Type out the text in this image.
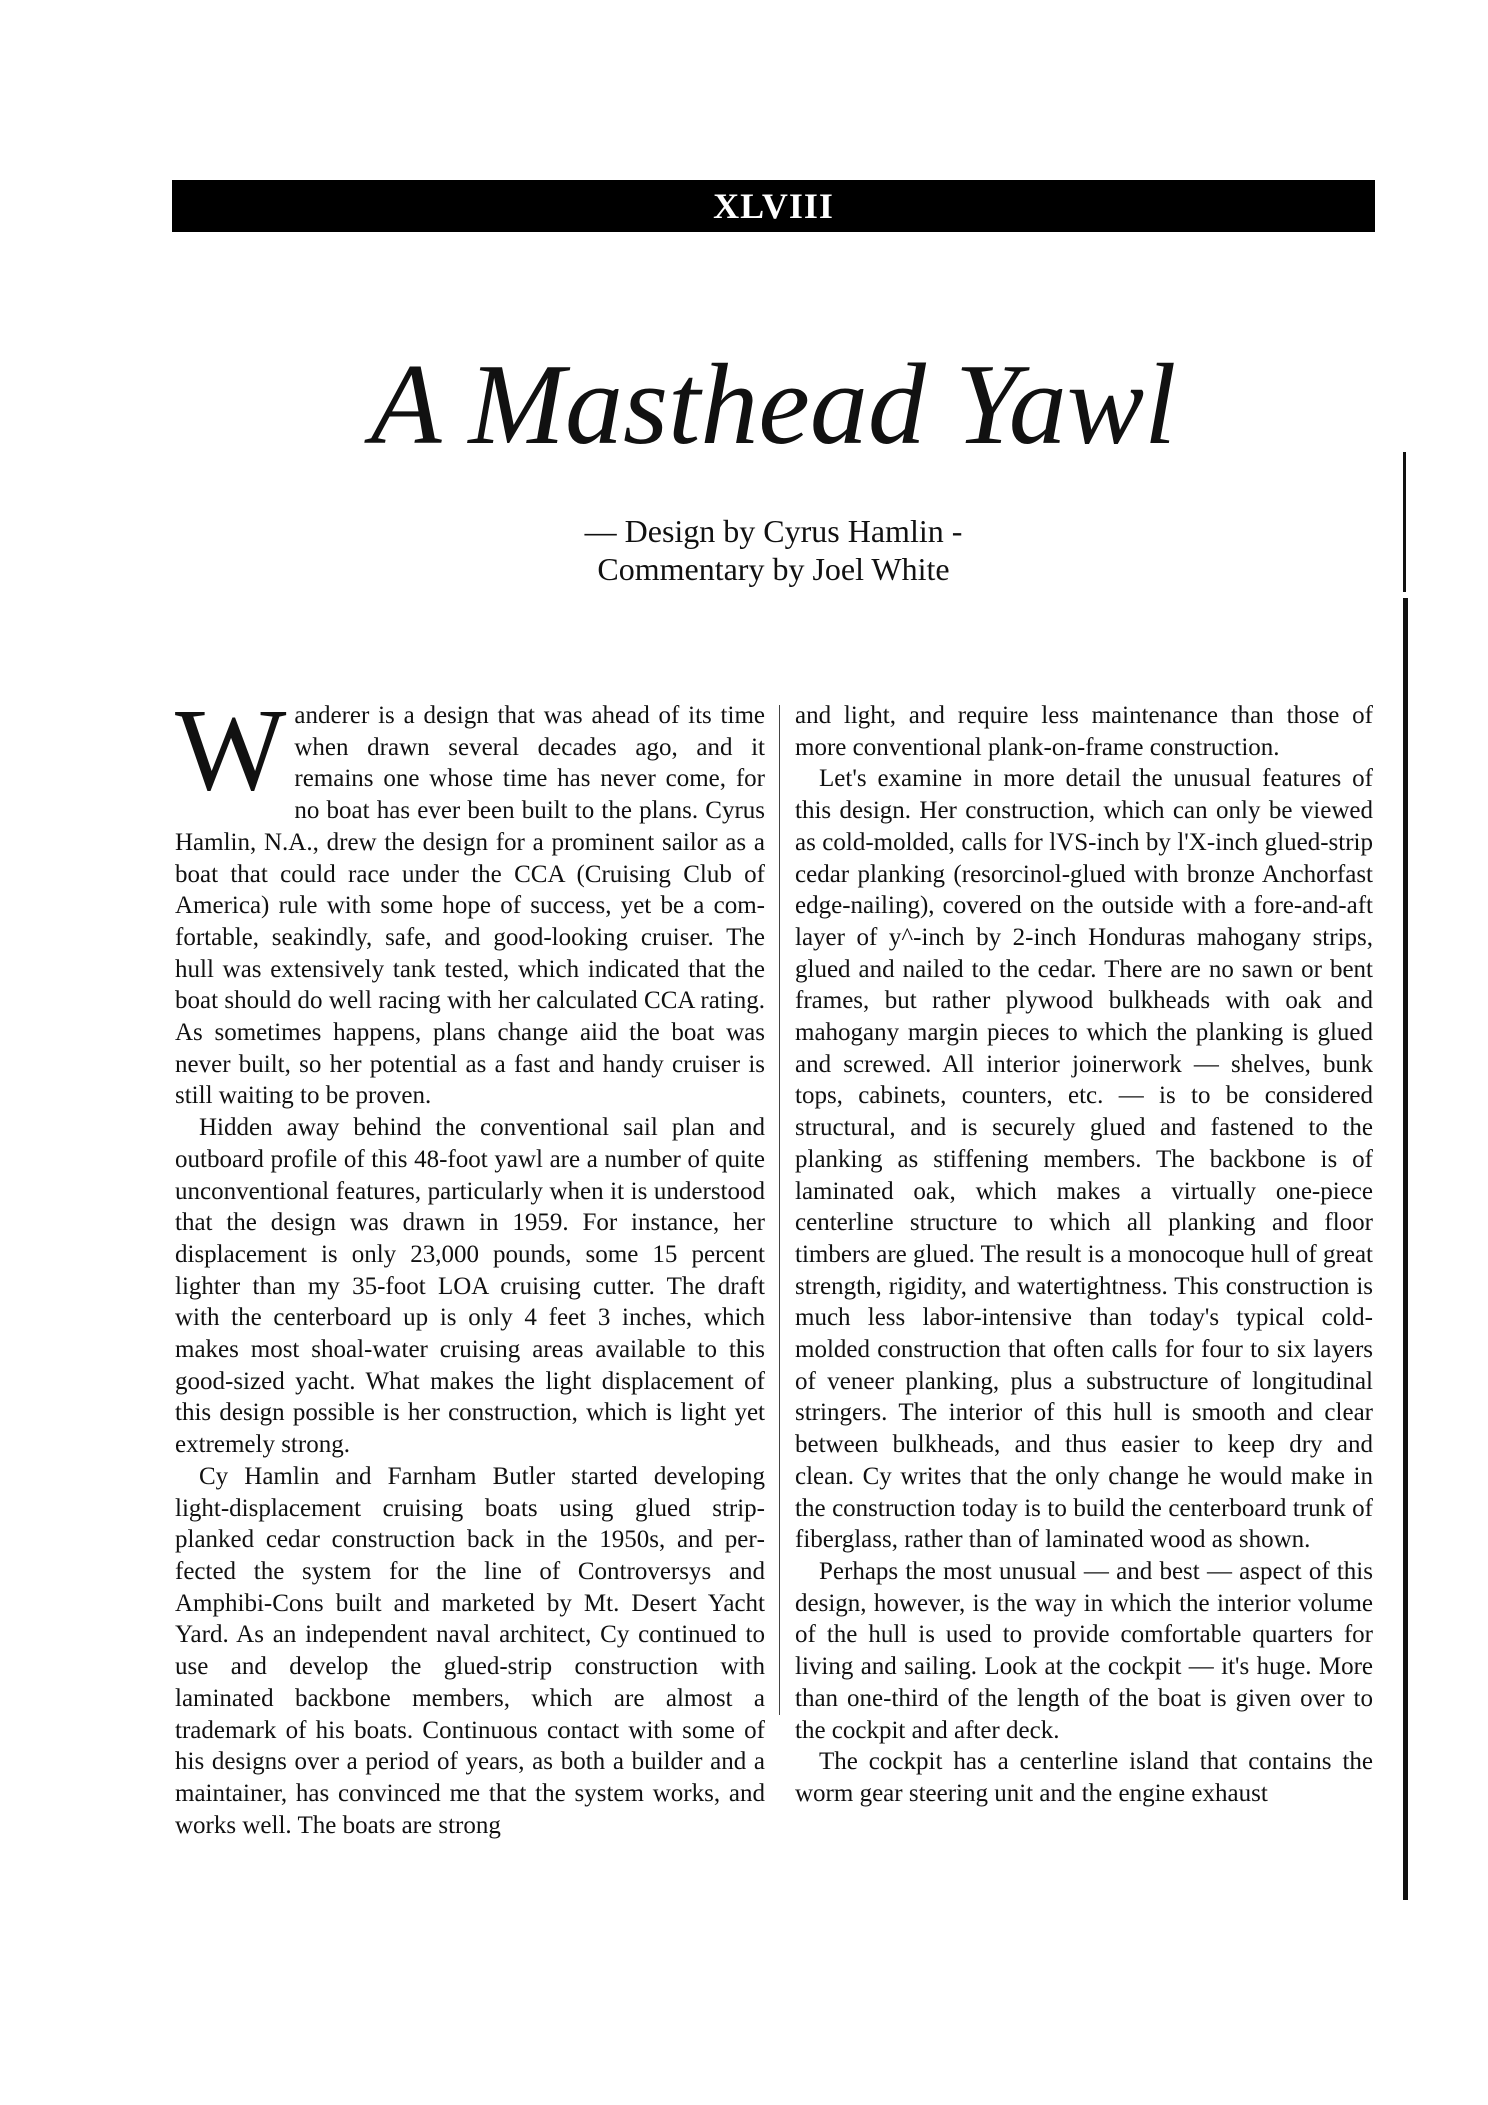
XLVIII
A Masthead Yawl
— Design by Cyrus Hamlin -
Commentary by Joel White

Wanderer is a design that was ahead of its time when drawn several decades ago, and it remains one whose time has never come, for no boat has ever been built to the plans. Cyrus Hamlin, N.A., drew the design for a prominent sailor as a boat that could race under the CCA (Cruising Club of America) rule with some hope of success, yet be a comfortable, seakindly, safe, and good-looking cruiser. The hull was extensively tank tested, which indicated that the boat should do well racing with her calculated CCA rating. As sometimes happens, plans change aiid the boat was never built, so her potential as a fast and handy cruiser is still waiting to be proven.

Hidden away behind the conventional sail plan and outboard profile of this 48-foot yawl are a number of quite unconventional features, particularly when it is understood that the design was drawn in 1959. For instance, her displacement is only 23,000 pounds, some 15 percent lighter than my 35-foot LOA cruising cutter. The draft with the centerboard up is only 4 feet 3 inches, which makes most shoal-water cruising areas available to this good-sized yacht. What makes the light displacement of this design possible is her construction, which is light yet extremely strong.

Cy Hamlin and Farnham Butler started developing light-displacement cruising boats using glued strip-planked cedar construction back in the 1950s, and perfected the system for the line of Controversys and Amphibi-Cons built and marketed by Mt. Desert Yacht Yard. As an independent naval architect, Cy continued to use and develop the glued-strip construction with laminated backbone members, which are almost a trademark of his boats. Continuous contact with some of his designs over a period of years, as both a builder and a maintainer, has convinced me that the system works, and works well. The boats are strong

and light, and require less maintenance than those of more conventional plank-on-frame construction.

Let's examine in more detail the unusual features of this design. Her construction, which can only be viewed as cold-molded, calls for lVS-inch by l'X-inch glued-strip cedar planking (resorcinol-glued with bronze Anchorfast edge-nailing), covered on the outside with a fore-and-aft layer of y^-inch by 2-inch Honduras mahogany strips, glued and nailed to the cedar. There are no sawn or bent frames, but rather plywood bulkheads with oak and mahogany margin pieces to which the planking is glued and screwed. All interior joinerwork — shelves, bunk tops, cabinets, counters, etc. — is to be considered structural, and is securely glued and fastened to the planking as stiffening members. The backbone is of laminated oak, which makes a virtually one-piece centerline structure to which all planking and floor timbers are glued. The result is a monocoque hull of great strength, rigidity, and watertightness. This construction is much less labor-intensive than today's typical cold-molded construction that often calls for four to six layers of veneer planking, plus a substructure of longitudinal stringers. The interior of this hull is smooth and clear between bulkheads, and thus easier to keep dry and clean. Cy writes that the only change he would make in the construction today is to build the centerboard trunk of fiberglass, rather than of laminated wood as shown.

Perhaps the most unusual — and best — aspect of this design, however, is the way in which the interior volume of the hull is used to provide comfortable quarters for living and sailing. Look at the cockpit — it's huge. More than one-third of the length of the boat is given over to the cockpit and after deck.

The cockpit has a centerline island that contains the worm gear steering unit and the engine exhaust
